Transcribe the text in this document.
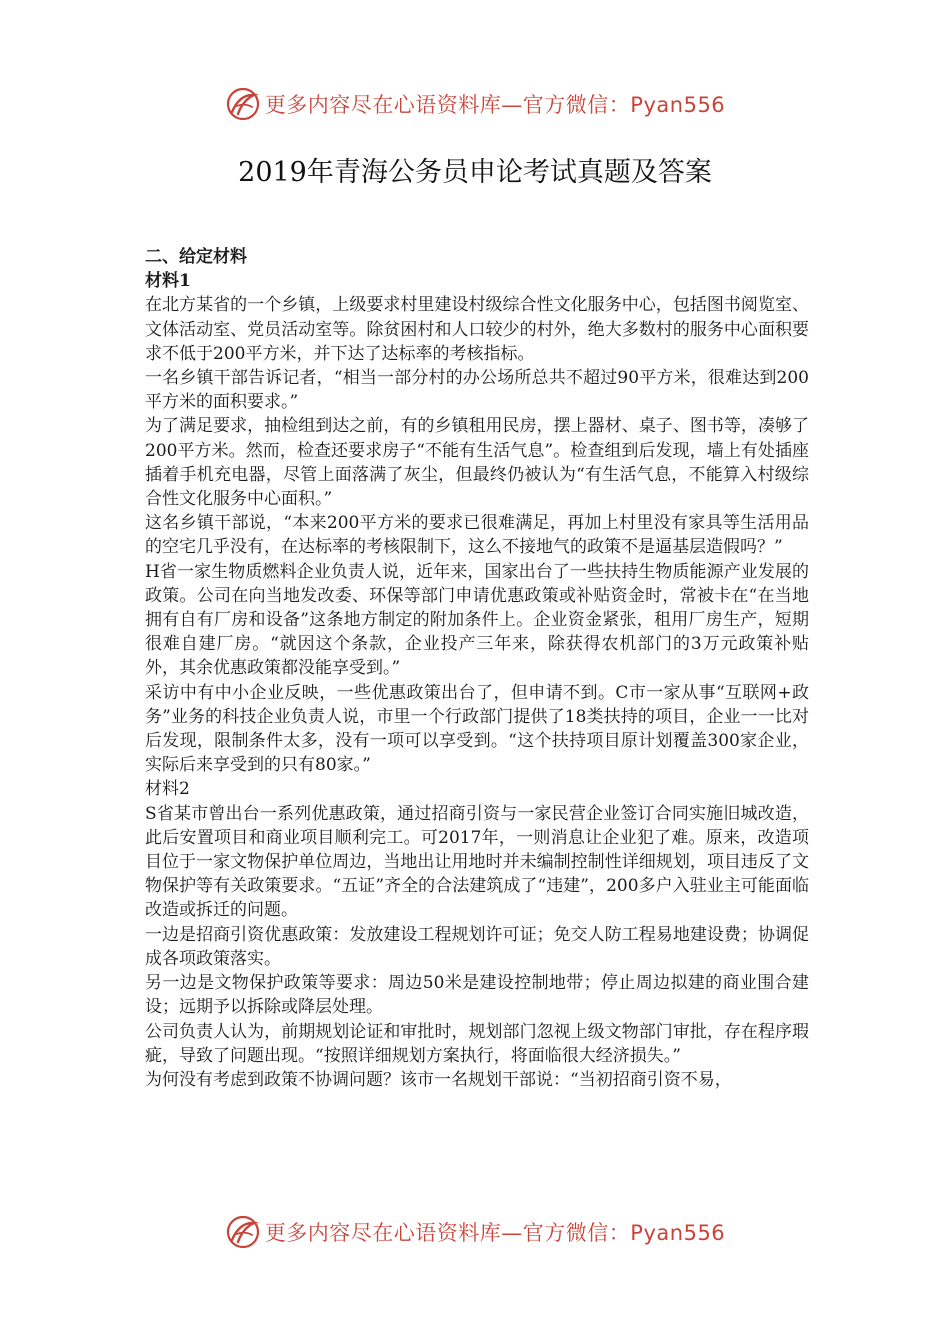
更多内容尽在心语资料库—官方微信：Pyan556
2019年青海公务员申论考试真题及答案

二、给定材料

材料1

在北方某省的一个乡镇，上级要求村里建设村级综合性文化服务中心，包括图书阅览室、文体活动室、党员活动室等。除贫困村和人口较少的村外，绝大多数村的服务中心面积要求不低于200平方米，并下达了达标率的考核指标。

一名乡镇干部告诉记者，“相当一部分村的办公场所总共不超过90平方米，很难达到200平方米的面积要求。”

为了满足要求，抽检组到达之前，有的乡镇租用民房，摆上器材、桌子、图书等，凑够了200平方米。然而，检查还要求房子“不能有生活气息”。检查组到后发现，墙上有处插座插着手机充电器，尽管上面落满了灰尘，但最终仍被认为“有生活气息，不能算入村级综合性文化服务中心面积。”

这名乡镇干部说，“本来200平方米的要求已很难满足，再加上村里没有家具等生活用品的空宅几乎没有，在达标率的考核限制下，这么不接地气的政策不是逼基层造假吗？”

H省一家生物质燃料企业负责人说，近年来，国家出台了一些扶持生物质能源产业发展的政策。公司在向当地发改委、环保等部门申请优惠政策或补贴资金时，常被卡在“在当地拥有自有厂房和设备”这条地方制定的附加条件上。企业资金紧张，租用厂房生产，短期很难自建厂房。“就因这个条款，企业投产三年来，除获得农机部门的3万元政策补贴外，其余优惠政策都没能享受到。”

采访中有中小企业反映，一些优惠政策出台了，但申请不到。C市一家从事“互联网+政务”业务的科技企业负责人说，市里一个行政部门提供了18类扶持的项目，企业一一比对后发现，限制条件太多，没有一项可以享受到。“这个扶持项目原计划覆盖300家企业，实际后来享受到的只有80家。”

材料2

S省某市曾出台一系列优惠政策，通过招商引资与一家民营企业签订合同实施旧城改造，此后安置项目和商业项目顺利完工。可2017年，一则消息让企业犯了难。原来，改造项目位于一家文物保护单位周边，当地出让用地时并未编制控制性详细规划，项目违反了文物保护等有关政策要求。“五证”齐全的合法建筑成了“违建”，200多户入驻业主可能面临改造或拆迁的问题。

一边是招商引资优惠政策：发放建设工程规划许可证；免交人防工程易地建设费；协调促成各项政策落实。

另一边是文物保护政策等要求：周边50米是建设控制地带；停止周边拟建的商业围合建设；远期予以拆除或降层处理。

公司负责人认为，前期规划论证和审批时，规划部门忽视上级文物部门审批，存在程序瑕疵，导致了问题出现。“按照详细规划方案执行，将面临很大经济损失。”

为何没有考虑到政策不协调问题？该市一名规划干部说：“当初招商引资不易，

更多内容尽在心语资料库—官方微信：Pyan556
